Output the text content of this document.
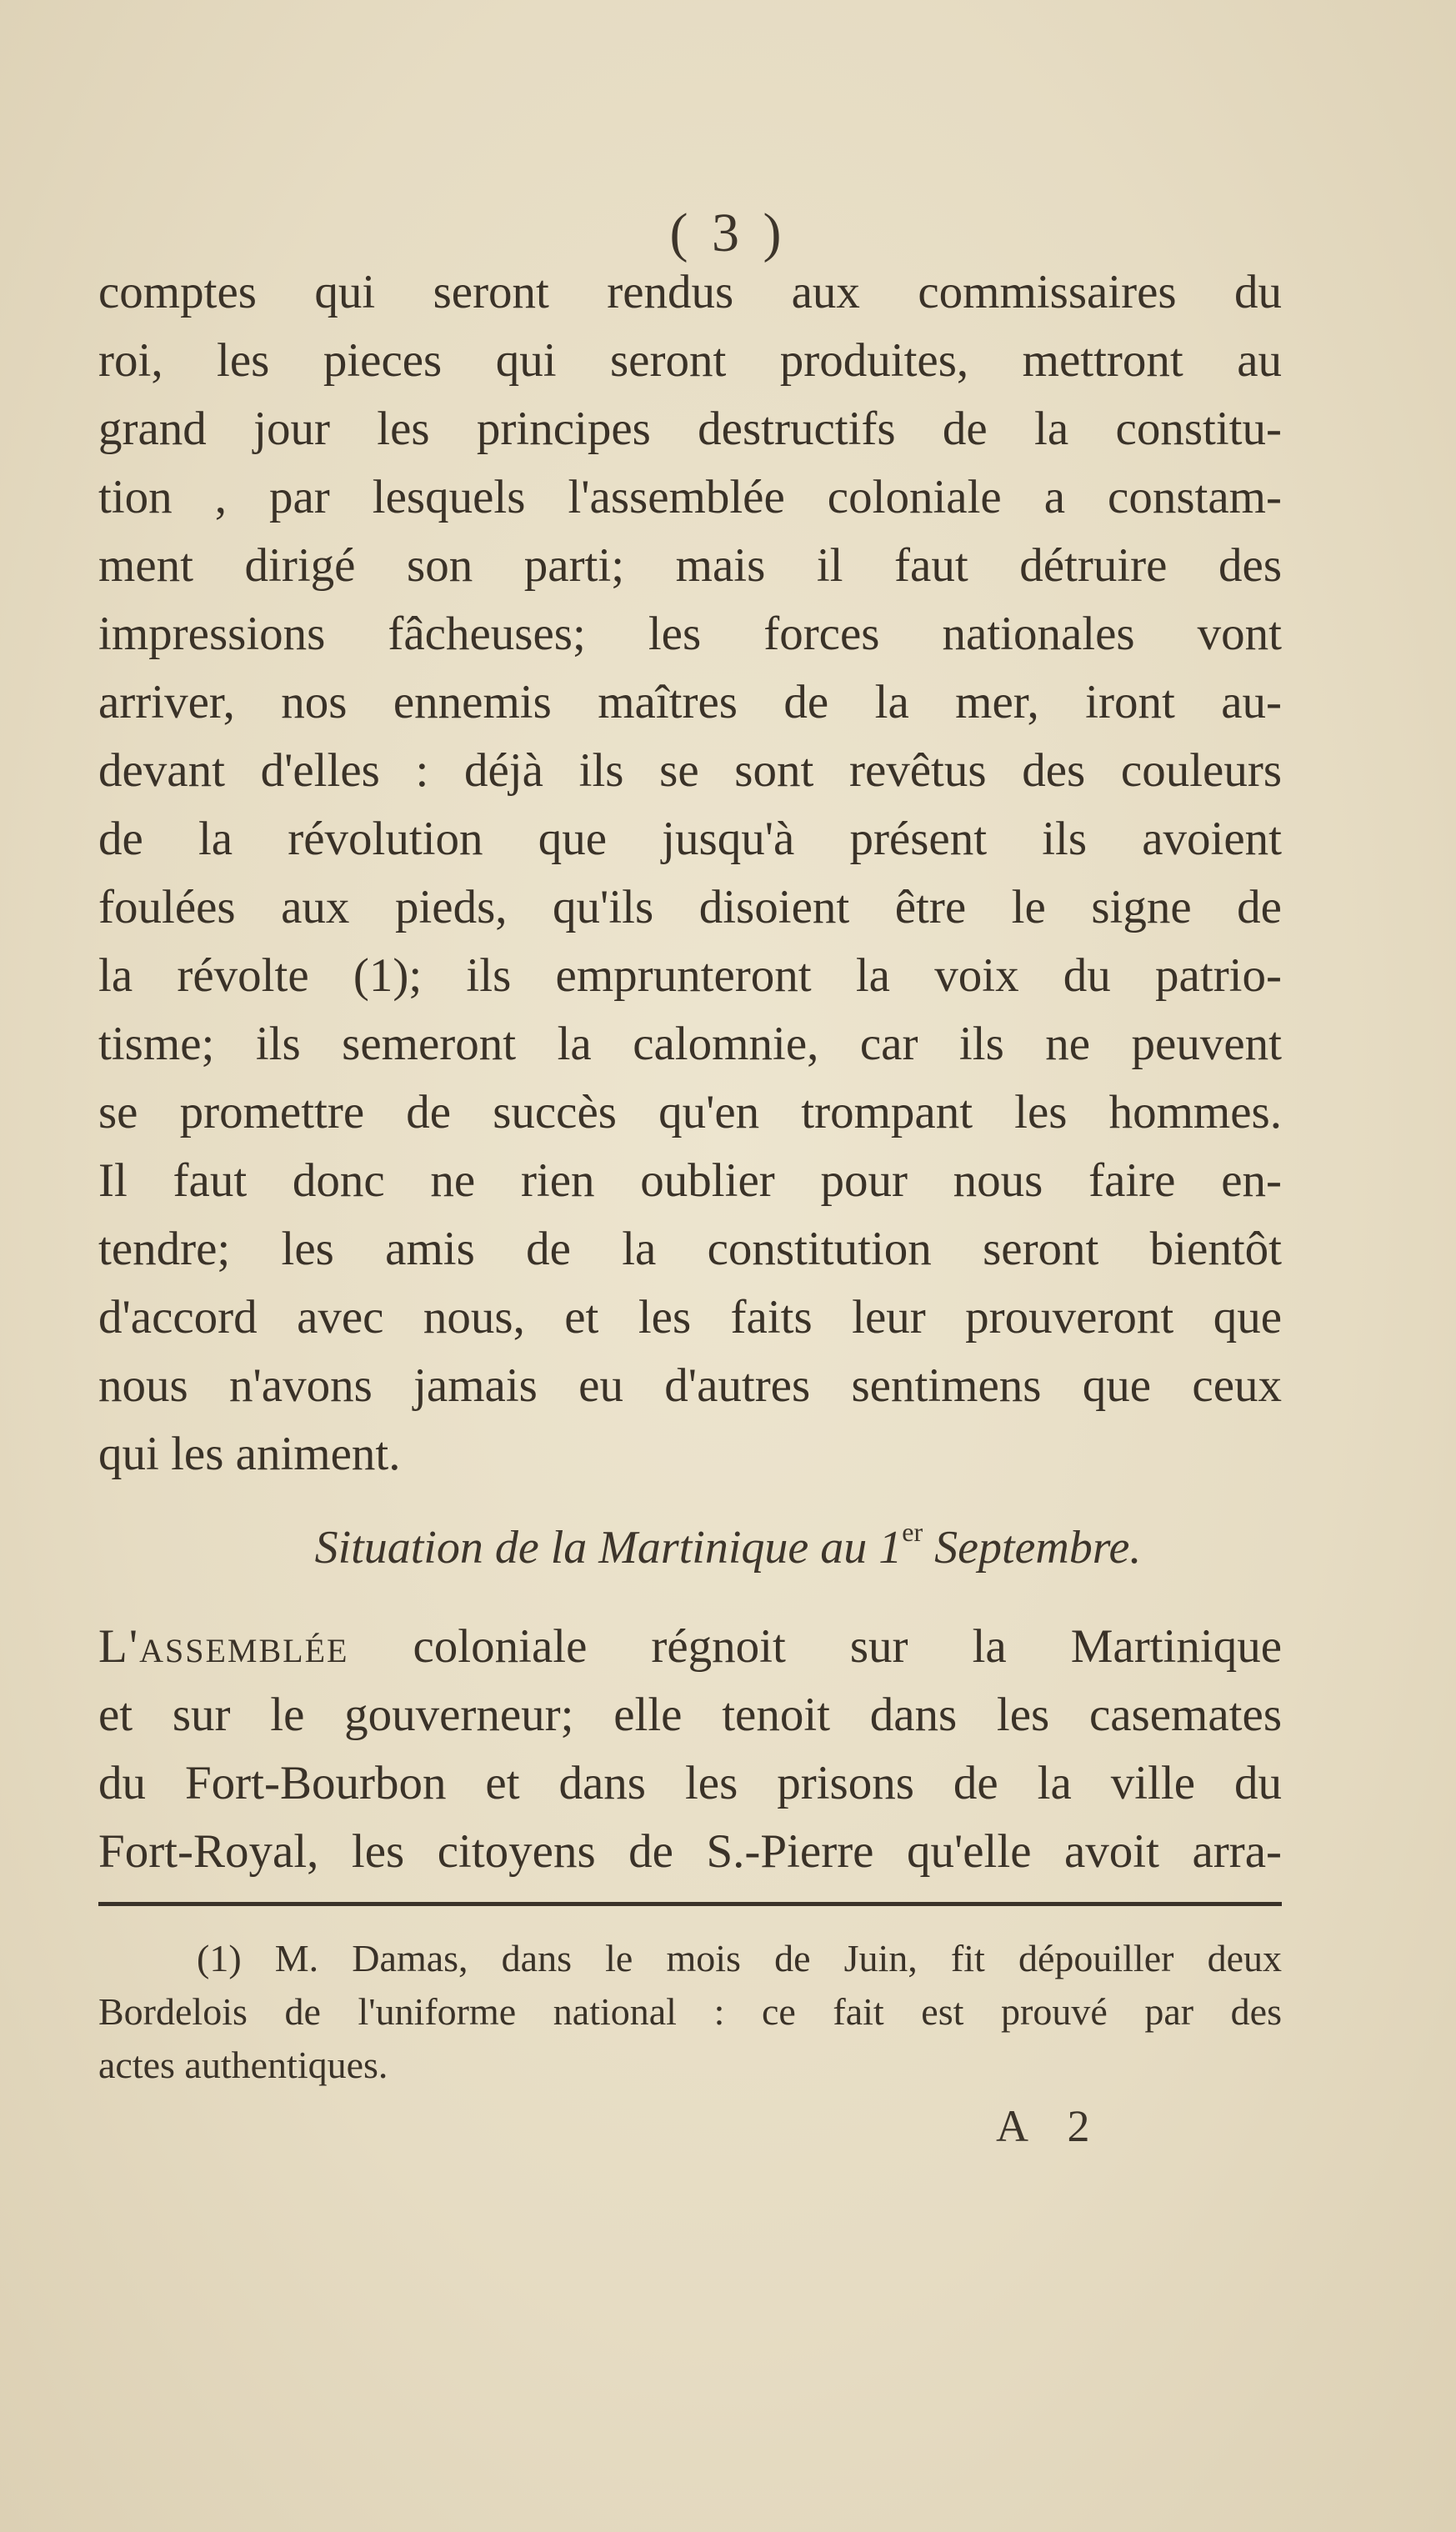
( 3 )
comptes qui seront rendus aux commissaires du
roi, les pieces qui seront produites, mettront au
grand jour les principes destructifs de la constitu-
tion , par lesquels l'assemblée coloniale a constam-
ment dirigé son parti; mais il faut détruire des
impressions fâcheuses; les forces nationales vont
arriver, nos ennemis maîtres de la mer, iront au-
devant d'elles : déjà ils se sont revêtus des couleurs
de la révolution que jusqu'à présent ils avoient
foulées aux pieds, qu'ils disoient être le signe de
la révolte (1); ils emprunteront la voix du patrio-
tisme; ils semeront la calomnie, car ils ne peuvent
se promettre de succès qu'en trompant les hommes.
Il faut donc ne rien oublier pour nous faire en-
tendre; les amis de la constitution seront bientôt
d'accord avec nous, et les faits leur prouveront que
nous n'avons jamais eu d'autres sentimens que ceux
qui les animent.
Situation de la Martinique au 1er Septembre.
L'assemblée coloniale régnoit sur la Martinique
et sur le gouverneur; elle tenoit dans les casemates
du Fort-Bourbon et dans les prisons de la ville du
Fort-Royal, les citoyens de S.-Pierre qu'elle avoit arra-
(1) M. Damas, dans le mois de Juin, fit dépouiller deux
Bordelois de l'uniforme national : ce fait est prouvé par des
actes authentiques.
A 2
